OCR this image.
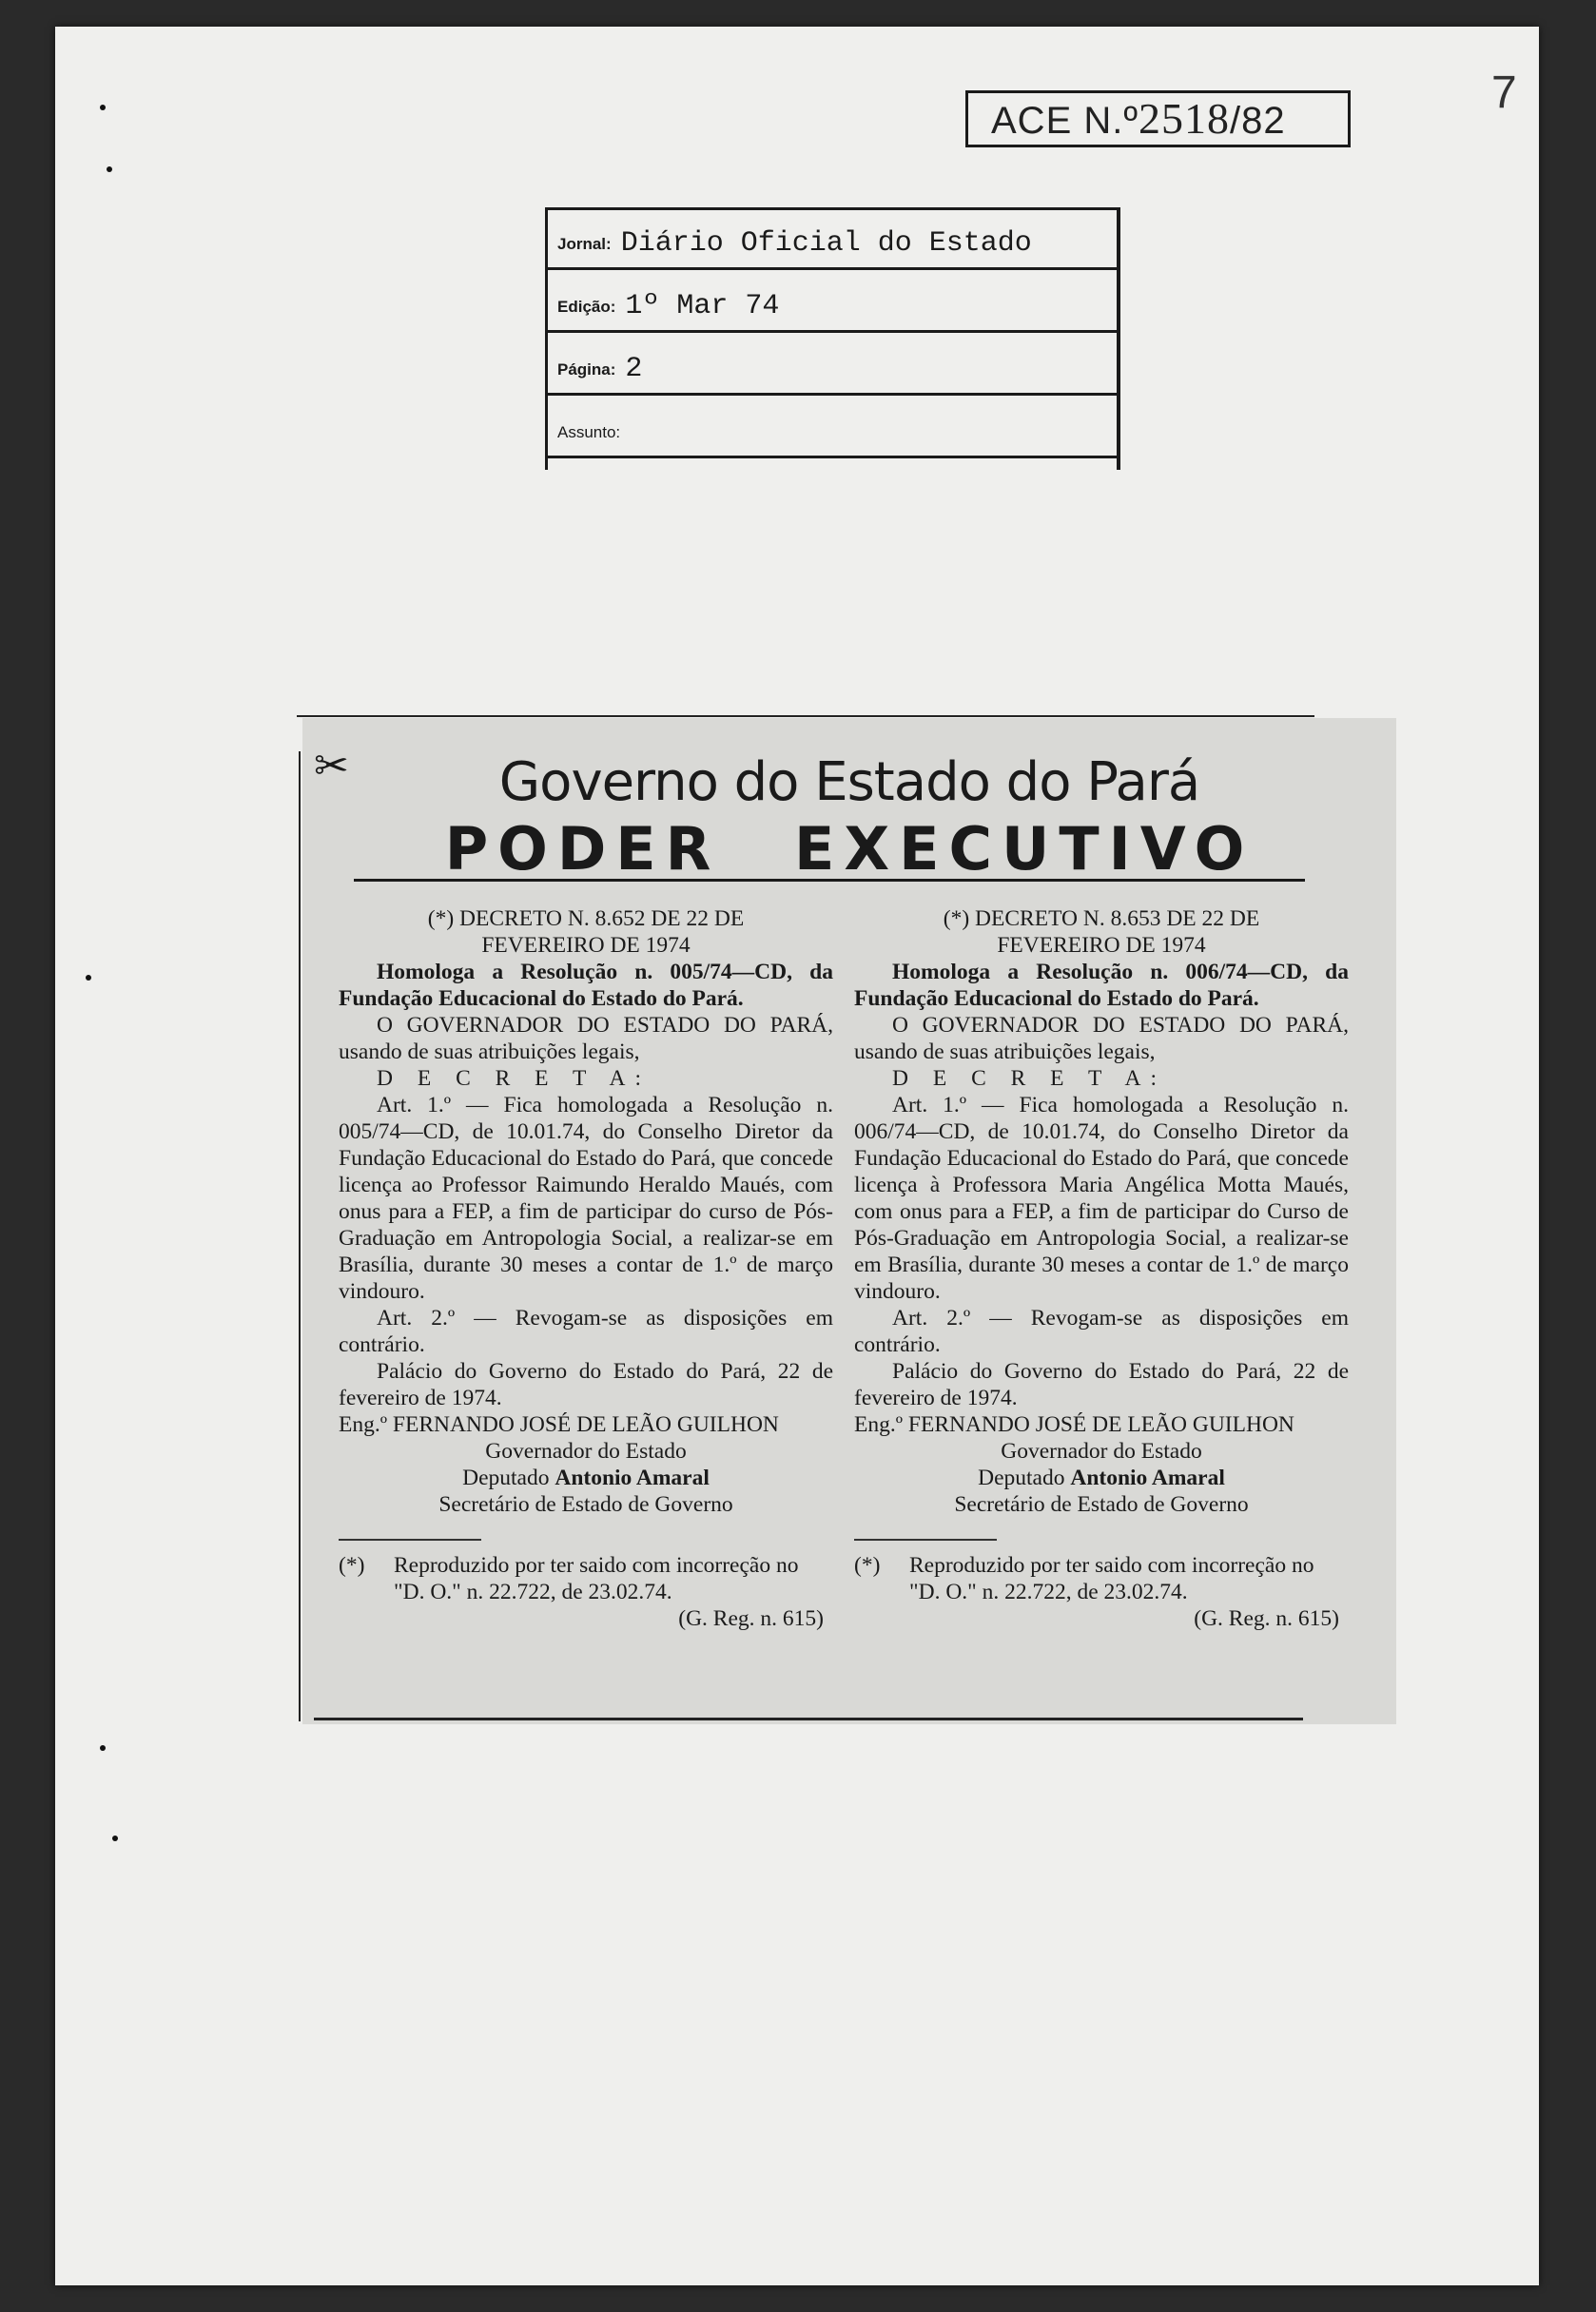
ACE N.º2518/82
7
Jornal: Diário Oficial do Estado
Edição: 1º Mar 74
Página: 2
Assunto:
✂	Governo do Estado do Pará
PODER EXECUTIVO

(*) DECRETO N. 8.652 DE 22 DE

FEVEREIRO DE 1974

Homologa a Resolução n. 005/74—CD, da Fundação Educacional do Estado do Pará.

O GOVERNADOR DO ESTADO DO PARÁ, usando de suas atribuições legais,

D E C R E T A:

Art. 1.º — Fica homologada a Resolução n. 005/74—CD, de 10.01.74, do Conselho Diretor da Fundação Educacional do Estado do Pará, que concede licença ao Professor Raimundo Heraldo Maués, com onus para a FEP, a fim de participar do curso de Pós-Graduação em Antropologia Social, a realizar-se em Brasília, durante 30 meses a contar de 1.º de março vindouro.

Art. 2.º — Revogam-se as disposições em contrário.

Palácio do Governo do Estado do Pará, 22 de fevereiro de 1974.

Eng.º FERNANDO JOSÉ DE LEÃO GUILHON

Governador do Estado

Deputado Antonio Amaral

Secretário de Estado de Governo

(*)	Reproduzido por ter saido com incorreção no "D. O." n. 22.722, de 23.02.74.

(G. Reg. n. 615)

(*) DECRETO N. 8.653 DE 22 DE

FEVEREIRO DE 1974

Homologa a Resolução n. 006/74—CD, da Fundação Educacional do Estado do Pará.

O GOVERNADOR DO ESTADO DO PARÁ, usando de suas atribuições legais,

D E C R E T A:

Art. 1.º — Fica homologada a Resolução n. 006/74—CD, de 10.01.74, do Conselho Diretor da Fundação Educacional do Estado do Pará, que concede licença à Professora Maria Angélica Motta Maués, com onus para a FEP, a fim de participar do Curso de Pós-Graduação em Antropologia Social, a realizar-se em Brasília, durante 30 meses a contar de 1.º de março vindouro.

Art. 2.º — Revogam-se as disposições em contrário.

Palácio do Governo do Estado do Pará, 22 de fevereiro de 1974.

Eng.º FERNANDO JOSÉ DE LEÃO GUILHON

Governador do Estado

Deputado Antonio Amaral

Secretário de Estado de Governo

(*)	Reproduzido por ter saido com incorreção no "D. O." n. 22.722, de 23.02.74.

(G. Reg. n. 615)
